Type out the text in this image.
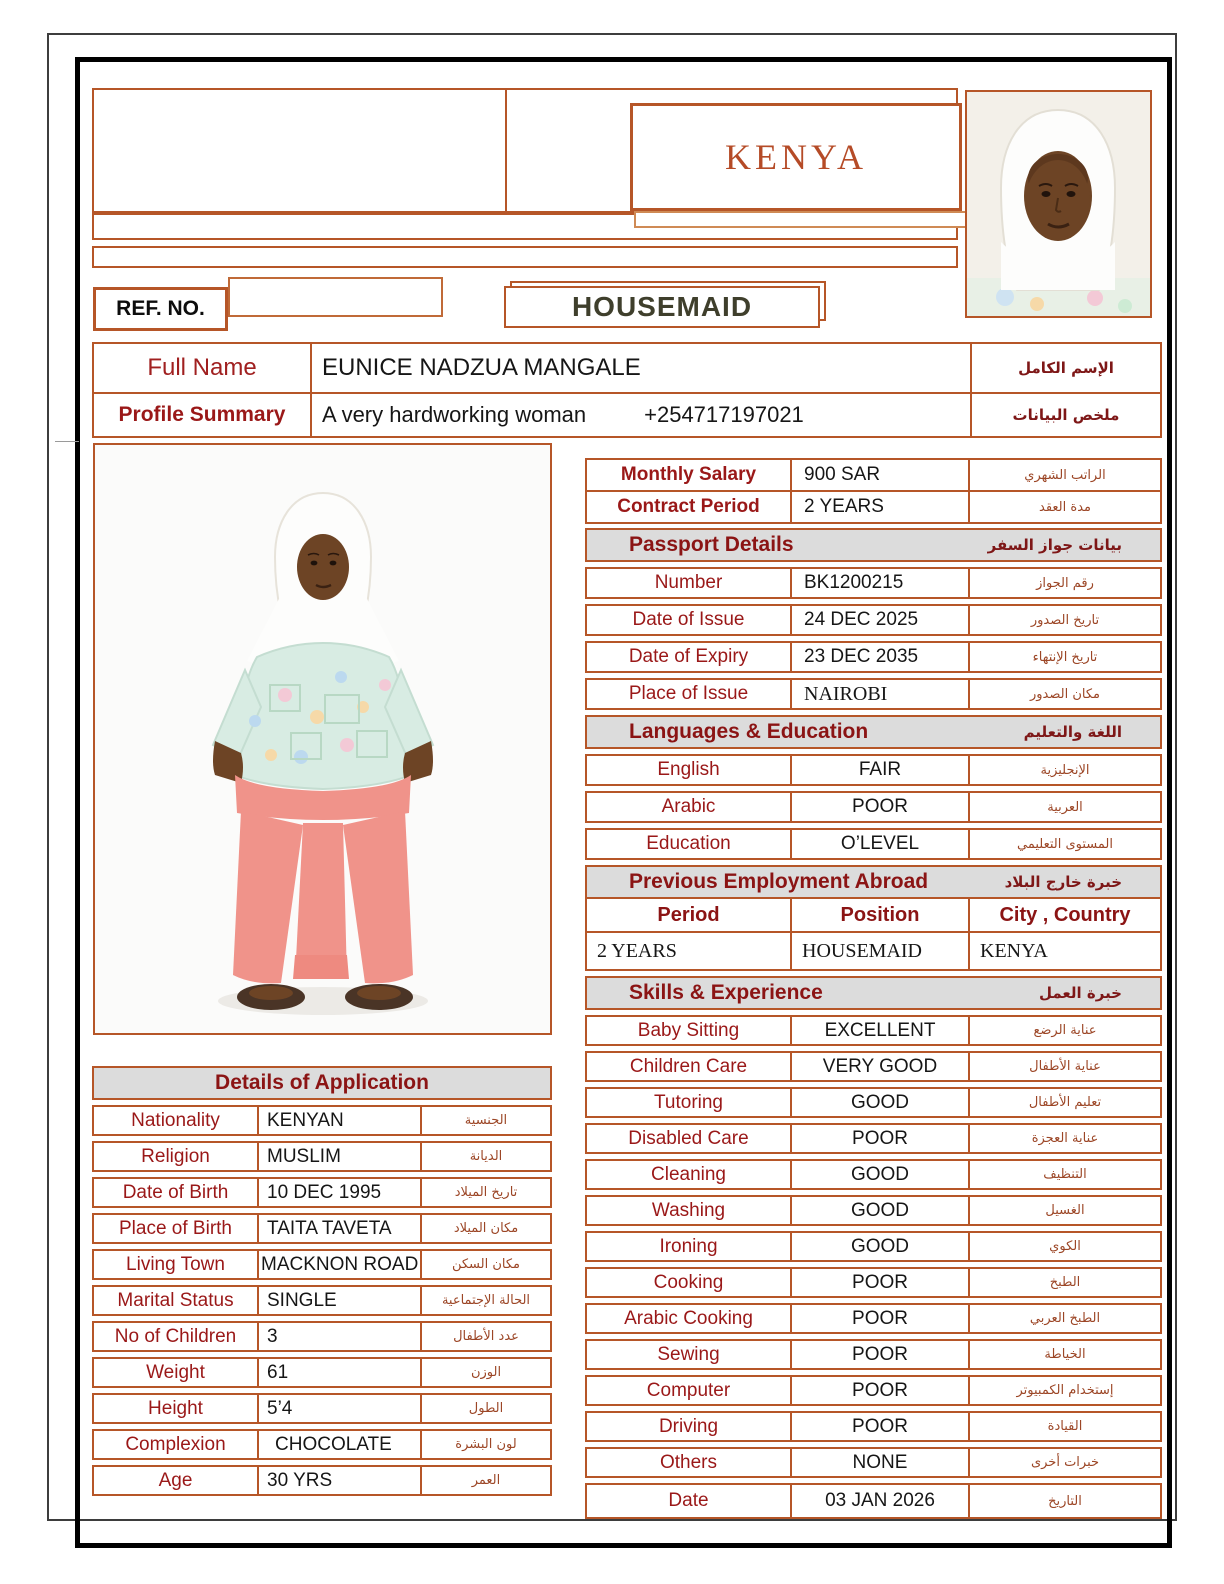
KENYA
REF. NO.	HOUSEMAID
Full Name	EUNICE NADZUA MANGALE	الإسم الكامل
Profile Summary	A very hardworking woman	+254717197021	ملخص البيانات
Monthly Salary	900 SAR	الراتب الشهري
Contract Period	2 YEARS	مدة العقد
Passport Details	بيانات جواز السفر
Number	BK1200215	رقم الجواز
Date of Issue	24 DEC 2025	تاريخ الصدور
Date of Expiry	23 DEC 2035	تاريخ الإنتهاء
Place of Issue	NAIROBI	مكان الصدور
Languages & Education	اللغة والتعليم
English	FAIR	الإنجليزية
Arabic	POOR	العربية
Education	O’LEVEL	المستوى التعليمي
Previous Employment Abroad	خبرة خارج البلاد
Period	Position	City , Country
2 YEARS	HOUSEMAID	KENYA
Skills & Experience	خبرة العمل
Baby Sitting	EXCELLENT	عناية الرضع
Children Care	VERY GOOD	عناية الأطفال
Tutoring	GOOD	تعليم الأطفال
Disabled Care	POOR	عناية العجزة
Cleaning	GOOD	التنظيف
Washing	GOOD	الغسيل
Ironing	GOOD	الكوي
Cooking	POOR	الطبخ
Arabic Cooking	POOR	الطبخ العربي
Sewing	POOR	الخياطة
Computer	POOR	إستخدام الكمبيوتر
Driving	POOR	القيادة
Others	NONE	خبرات أخرى
Date	03 JAN 2026	التاريخ
Details of Application
Nationality	KENYAN	الجنسية
Religion	MUSLIM	الديانة
Date of Birth	10 DEC 1995	تاريخ الميلاد
Place of Birth	TAITA TAVETA	مكان الميلاد
Living Town	MACKNON ROAD	مكان السكن
Marital Status	SINGLE	الحالة الإجتماعية
No of Children	3	عدد الأطفال
Weight	61	الوزن
Height	5’4	الطول
Complexion	CHOCOLATE	لون البشرة
Age	30 YRS	العمر
